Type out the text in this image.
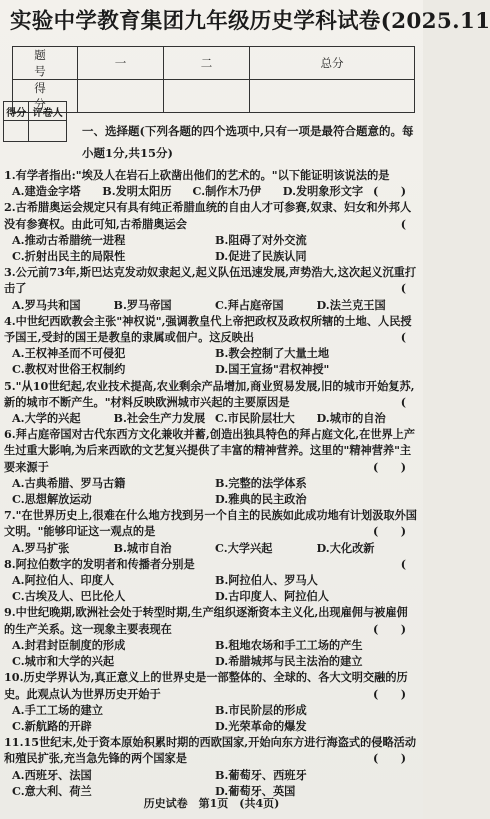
实验中学教育集团九年级历史学科试卷(2025.11
题　号	一	二	总分
得　分			
得分	评卷人

一、选择题(下列各题的四个选项中,只有一项是最符合题意的。每小题1分,共15分)
1.有学者指出:"埃及人在岩石上砍凿出他们的艺术的。"以下能证明该说法的是
(　　)
A.建造金字塔	B.发明太阳历	C.制作木乃伊	D.发明象形文字
2.古希腊奥运会规定只有具有纯正希腊血统的自由人才可参赛,奴隶、妇女和外邦人没有参赛权。由此可知,古希腊奥运会	(
A.推动古希腊统一进程	B.阻碍了对外交流
C.折射出民主的局限性	D.促进了民族认同
3.公元前73年,斯巴达克发动奴隶起义,起义队伍迅速发展,声势浩大,这次起义沉重打击了	(
A.罗马共和国	B.罗马帝国	C.拜占庭帝国	D.法兰克王国
4.中世纪西欧教会主张"神权说",强调教皇代上帝把政权及政权所辖的土地、人民授予国王,受封的国王是教皇的隶属或佃户。这反映出	(
A.王权神圣而不可侵犯	B.教会控制了大量土地
C.教权对世俗王权制约	D.国王宣扬"君权神授"
5."从10世纪起,农业技术提高,农业剩余产品增加,商业贸易发展,旧的城市开始复苏,新的城市不断产生。"材料反映欧洲城市兴起的主要原因是	(
A.大学的兴起	B.社会生产力发展 C.市民阶层壮大	D.城市的自治
6.拜占庭帝国对古代东西方文化兼收并蓄,创造出独具特色的拜占庭文化,在世界上产生过重大影响,为后来西欧的文艺复兴提供了丰富的精神营养。这里的"精神营养"主要来源于	(　　)
A.古典希腊、罗马古籍	B.完整的法学体系
C.思想解放运动	D.雅典的民主政治
7."在世界历史上,很难在什么地方找到另一个自主的民族如此成功地有计划汲取外国文明。"能够印证这一观点的是	(　　)
A.罗马扩张	B.城市自治	C.大学兴起	D.大化改新
8.阿拉伯数字的发明者和传播者分别是	(
A.阿拉伯人、印度人	B.阿拉伯人、罗马人
C.古埃及人、巴比伦人	D.古印度人、阿拉伯人
9.中世纪晚期,欧洲社会处于转型时期,生产组织逐渐资本主义化,出现雇佣与被雇佣的生产关系。这一现象主要表现在	(　　)
A.封君封臣制度的形成	B.租地农场和手工工场的产生
C.城市和大学的兴起	D.希腊城邦与民主法治的建立
10.历史学界认为,真正意义上的世界史是一部整体的、全球的、各大文明交融的历史。此观点认为世界历史开始于	(　　)
A.手工工场的建立	B.市民阶层的形成
C.新航路的开辟	D.光荣革命的爆发
11.15世纪末,处于资本原始积累时期的西欧国家,开始向东方进行海盗式的侵略活动和殖民扩张,充当急先锋的两个国家是	(　　)
A.西班牙、法国	B.葡萄牙、西班牙
C.意大利、荷兰	D.葡萄牙、英国
历史试卷　第1页　(共4页)
